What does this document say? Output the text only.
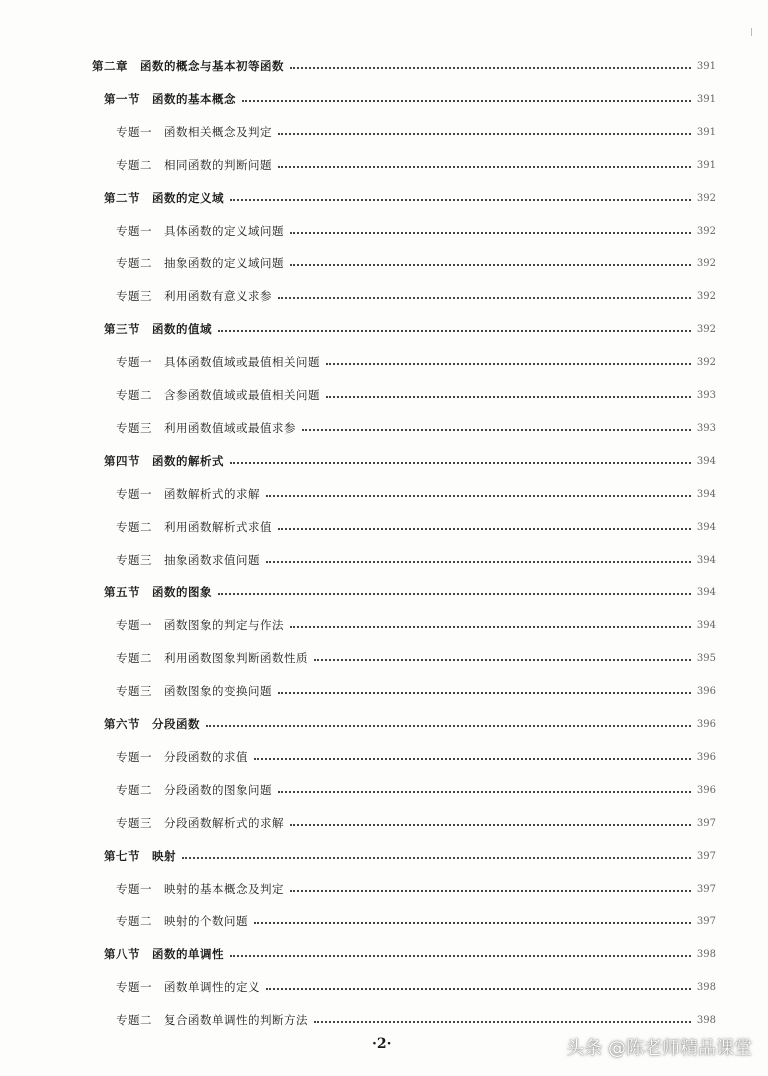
第二章 函数的概念与基本初等函数	391
第一节 函数的基本概念	391
专题一 函数相关概念及判定	391
专题二 相同函数的判断问题	391
第二节 函数的定义域	392
专题一 具体函数的定义域问题	392
专题二 抽象函数的定义域问题	392
专题三 利用函数有意义求参	392
第三节 函数的值域	392
专题一 具体函数值域或最值相关问题	392
专题二 含参函数值域或最值相关问题	393
专题三 利用函数值域或最值求参	393
第四节 函数的解析式	394
专题一 函数解析式的求解	394
专题二 利用函数解析式求值	394
专题三 抽象函数求值问题	394
第五节 函数的图象	394
专题一 函数图象的判定与作法	394
专题二 利用函数图象判断函数性质	395
专题三 函数图象的变换问题	396
第六节 分段函数	396
专题一 分段函数的求值	396
专题二 分段函数的图象问题	396
专题三 分段函数解析式的求解	397
第七节 映射	397
专题一 映射的基本概念及判定	397
专题二 映射的个数问题	397
第八节 函数的单调性	398
专题一 函数单调性的定义	398
专题二 复合函数单调性的判断方法	398
·2·	头条 @陈老师精品课堂
